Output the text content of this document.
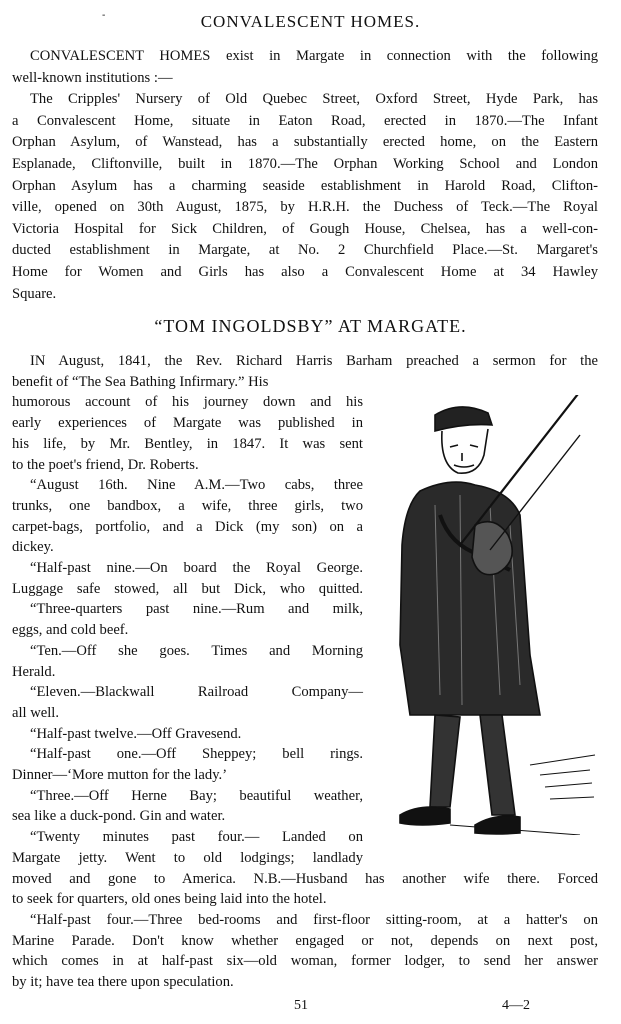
-	CONVALESCENT HOMES.
CONVALESCENT HOMES exist in Margate in connection with the following
well-known institutions :—
The Cripples' Nursery of Old Quebec Street, Oxford Street, Hyde Park, has
a Convalescent Home, situate in Eaton Road, erected in 1870.—The Infant
Orphan Asylum, of Wanstead, has a substantially erected home, on the Eastern
Esplanade, Cliftonville, built in 1870.—The Orphan Working School and London
Orphan Asylum has a charming seaside establishment in Harold Road, Clifton-
ville, opened on 30th August, 1875, by H.R.H. the Duchess of Teck.—The Royal
Victoria Hospital for Sick Children, of Gough House, Chelsea, has a well-con-
ducted establishment in Margate, at No. 2 Churchfield Place.—St. Margaret's
Home for Women and Girls has also a Convalescent Home at 34 Hawley
Square.
“TOM INGOLDSBY” AT MARGATE.
IN August, 1841, the Rev. Richard Harris Barham preached a sermon for the
benefit of “The Sea Bathing Infirmary.” His
humorous account of his journey down and his
early experiences of Margate was published in
his life, by Mr. Bentley, in 1847. It was sent
to the poet's friend, Dr. Roberts.
“August 16th. Nine A.M.—Two cabs, three
trunks, one bandbox, a wife, three girls, two
carpet-bags, portfolio, and a Dick (my son) on a
dickey.
“Half-past nine.—On board the Royal George.
Luggage safe stowed, all but Dick, who quitted.
“Three-quarters past nine.—Rum and milk,
eggs, and cold beef.
“Ten.—Off she goes. Times and Morning
Herald.
“Eleven.—Blackwall Railroad Company—
all well.
“Half-past twelve.—Off Gravesend.
“Half-past one.—Off Sheppey; bell rings.
Dinner—‘More mutton for the lady.’
“Three.—Off Herne Bay; beautiful weather,
sea like a duck-pond. Gin and water.
“Twenty minutes past four.— Landed on
Margate jetty. Went to old lodgings; landlady
moved and gone to America. N.B.—Husband has another wife there. Forced
to seek for quarters, old ones being laid into the hotel.
“Half-past four.—Three bed-rooms and first-floor sitting-room, at a hatter's on
Marine Parade. Don't know whether engaged or not, depends on next post,
which comes in at half-past six—old woman, former lodger, to send her answer
by it; have tea there upon speculation.
51	4—2
